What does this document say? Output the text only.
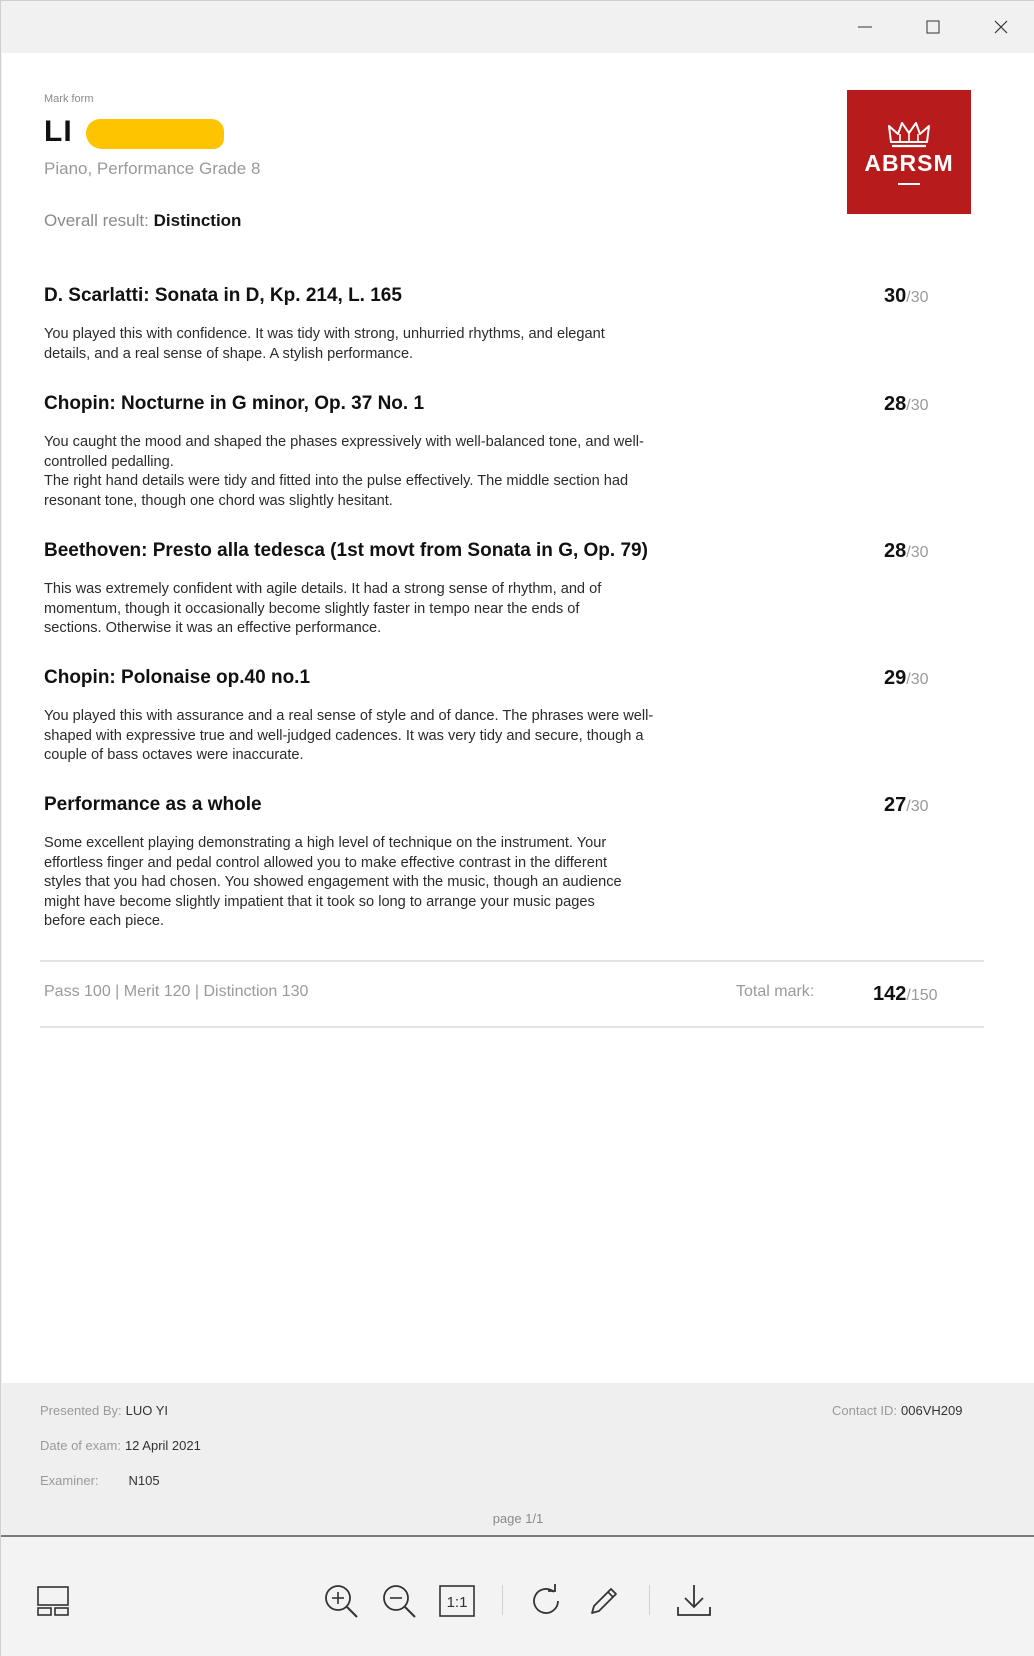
Mark form
LI
Piano, Performance Grade 8
Overall result: Distinction
ABRSM
D. Scarlatti: Sonata in D, Kp. 214, L. 165	30/30
You played this with confidence. It was tidy with strong, unhurried rhythms, and elegant
details, and a real sense of shape. A stylish performance.
Chopin: Nocturne in G minor, Op. 37 No. 1	28/30
You caught the mood and shaped the phases expressively with well-balanced tone, and well-
controlled pedalling.
The right hand details were tidy and fitted into the pulse effectively. The middle section had
resonant tone, though one chord was slightly hesitant.
Beethoven: Presto alla tedesca (1st movt from Sonata in G, Op. 79)	28/30
This was extremely confident with agile details. It had a strong sense of rhythm, and of
momentum, though it occasionally become slightly faster in tempo near the ends of
sections. Otherwise it was an effective performance.
Chopin: Polonaise op.40 no.1	29/30
You played this with assurance and a real sense of style and of dance. The phrases were well-
shaped with expressive true and well-judged cadences. It was very tidy and secure, though a
couple of bass octaves were inaccurate.
Performance as a whole	27/30
Some excellent playing demonstrating a high level of technique on the instrument. Your
effortless finger and pedal control allowed you to make effective contrast in the different
styles that you had chosen. You showed engagement with the music, though an audience
might have become slightly impatient that it took so long to arrange your music pages
before each piece.
Pass 100 | Merit 120 | Distinction 130	Total mark:	142/150
Presented By: LUO YI
Date of exam: 12 April 2021
Examiner: N105
Contact ID: 006VH209
page 1/1
1:1
